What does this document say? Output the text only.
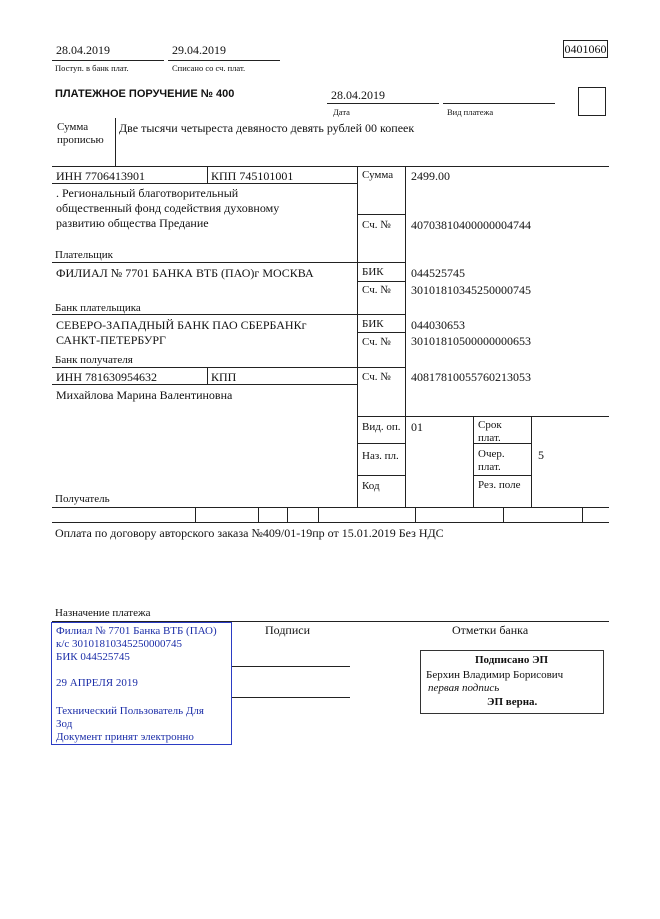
28.04.2019
Поступ. в банк плат.
29.04.2019
Списано со сч. плат.
0401060
ПЛАТЕЖНОЕ ПОРУЧЕНИЕ № 400	28.04.2019
Дата	Вид платежа
Сумма
прописью
Две тысячи четыреста девяносто девять рублей 00 копеек
ИНН 7706413901	КПП 745101001
. Региональный благотворительный
общественный фонд содействия духовному
развитию общества Предание
Плательщик
Сумма 2499.00
Сч. № 40703810400000004744
ФИЛИАЛ № 7701 БАНКА ВТБ (ПАО)г МОСКВА
Банк плательщика
БИК 044525745
Сч. № 30101810345250000745
СЕВЕРО-ЗАПАДНЫЙ БАНК ПАО СБЕРБАНКг
САНКТ-ПЕТЕРБУРГ
Банк получателя
БИК 044030653
Сч. № 30101810500000000653
ИНН 781630954632	КПП
Михайлова Марина Валентиновна
Получатель
Сч. № 40817810055760213053
Вид. оп. 01
Наз. пл.
Код
Срок
плат.
Очер.
плат.
Рез. поле
5
Оплата по договору авторского заказа №409/01-19пр от 15.01.2019 Без НДС
Назначение платежа
Филиал № 7701 Банка ВТБ (ПАО)
к/с 30101810345250000745
БИК 044525745
29 АПРЕЛЯ 2019
Технический Пользователь Для
Зод
Документ принят электронно
Подписи	Отметки банка
Подписано ЭП
Берхин Владимир Борисович
первая подпись
ЭП верна.
